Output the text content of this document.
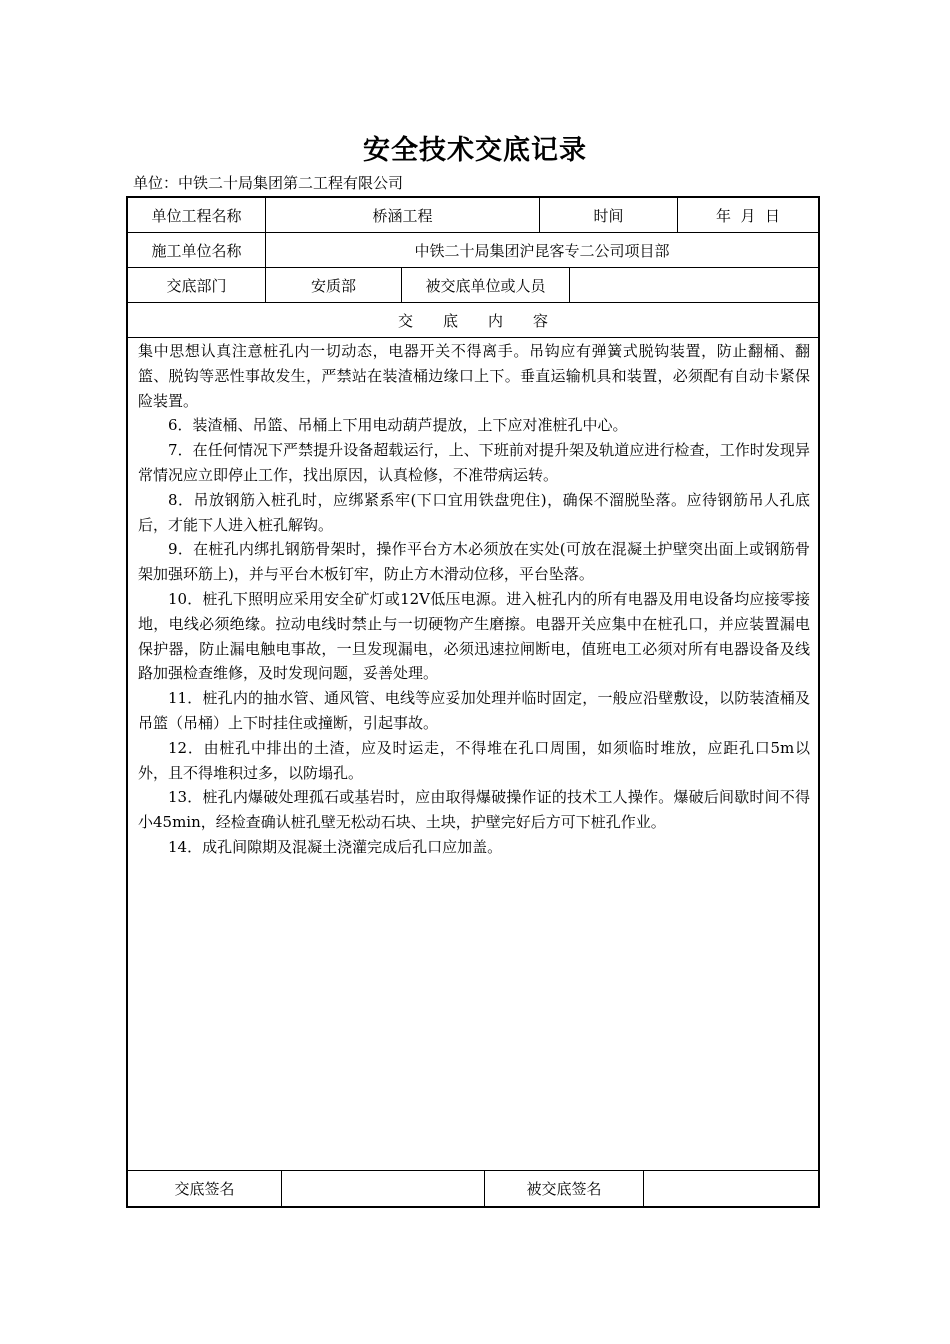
安全技术交底记录
单位：中铁二十局集团第二工程有限公司
单位工程名称	桥涵工程	时间	年  月  日
施工单位名称	中铁二十局集团沪昆客专二公司项目部
交底部门	安质部	被交底单位或人员
交　　底　　内　　容

集中思想认真注意桩孔内一切动态，电器开关不得离手。吊钩应有弹簧式脱钩装置，防止翻桶、翻篮、脱钩等恶性事故发生，严禁站在装渣桶边缘口上下。垂直运输机具和装置，必须配有自动卡紧保险装置。

6．装渣桶、吊篮、吊桶上下用电动葫芦提放，上下应对准桩孔中心。

7．在任何情况下严禁提升设备超载运行，上、下班前对提升架及轨道应进行检查，工作时发现异常情况应立即停止工作，找出原因，认真检修，不准带病运转。

8．吊放钢筋入桩孔时，应绑紧系牢(下口宜用铁盘兜住)，确保不溜脱坠落。应待钢筋吊人孔底后，才能下人进入桩孔解钩。

9．在桩孔内绑扎钢筋骨架时，操作平台方木必须放在实处(可放在混凝土护壁突出面上或钢筋骨架加强环筋上)，并与平台木板钉牢，防止方木滑动位移，平台坠落。

10．桩孔下照明应采用安全矿灯或12V低压电源。进入桩孔内的所有电器及用电设备均应接零接地，电线必须绝缘。拉动电线时禁止与一切硬物产生磨擦。电器开关应集中在桩孔口，并应装置漏电保护器，防止漏电触电事故，一旦发现漏电，必须迅速拉闸断电，值班电工必须对所有电器设备及线路加强检查维修，及时发现问题，妥善处理。

11．桩孔内的抽水管、通风管、电线等应妥加处理并临时固定，一般应沿壁敷设，以防装渣桶及吊篮（吊桶）上下时挂住或撞断，引起事故。

12．由桩孔中排出的土渣，应及时运走，不得堆在孔口周围，如须临时堆放，应距孔口5m以外，且不得堆积过多，以防塌孔。

13．桩孔内爆破处理孤石或基岩时，应由取得爆破操作证的技术工人操作。爆破后间歇时间不得小45min，经检查确认桩孔壁无松动石块、土块，护壁完好后方可下桩孔作业。

14．成孔间隙期及混凝土浇灌完成后孔口应加盖。

交底签名	被交底签名
